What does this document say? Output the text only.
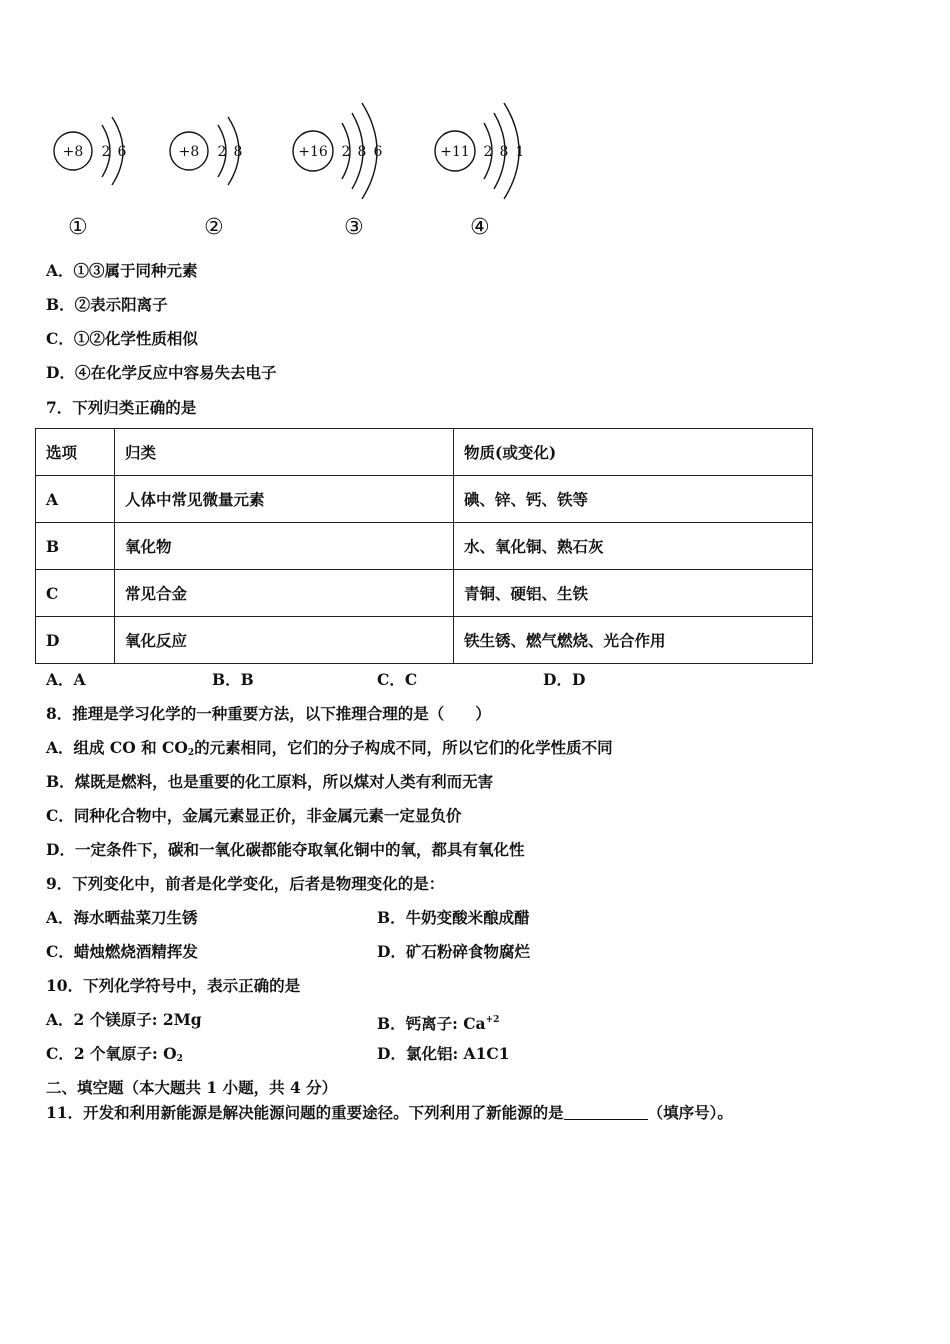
+8 2 6	+8 2 8	+16 2 8 6	+11 2 8 1
①	②	③	④
A．①③属于同种元素
B．②表示阳离子
C．①②化学性质相似
D．④在化学反应中容易失去电子
7．下列归类正确的是
选项	归类	物质(或变化)
A	人体中常见微量元素	碘、锌、钙、铁等
B	氧化物	水、氧化铜、熟石灰
C	常见合金	青铜、硬铝、生铁
D	氧化反应	铁生锈、燃气燃烧、光合作用
A．A	B．B	C．C	D．D
8．推理是学习化学的一种重要方法，以下推理合理的是（　　）
A．组成 CO 和 $CO_2$的元素相同，它们的分子构成不同，所以它们的化学性质不同
B．煤既是燃料，也是重要的化工原料，所以煤对人类有利而无害
C．同种化合物中，金属元素显正价，非金属元素一定显负价
D．一定条件下，碳和一氧化碳都能夺取氧化铜中的氧，都具有氧化性
9．下列变化中，前者是化学变化，后者是物理变化的是：
A．海水晒盐菜刀生锈	B．牛奶变酸米酿成醋
C．蜡烛燃烧酒精挥发	D．矿石粉碎食物腐烂
10．下列化学符号中，表示正确的是
A．2 个镁原子: 2Mg	B．钙离子: $Ca^{+2}$
C．2 个氧原子: $O_2$	D．氯化铝: A1C1
二、填空题（本大题共 1 小题，共 4 分）
11．开发和利用新能源是解决能源问题的重要途径。下列利用了新能源的是	（填序号）。
